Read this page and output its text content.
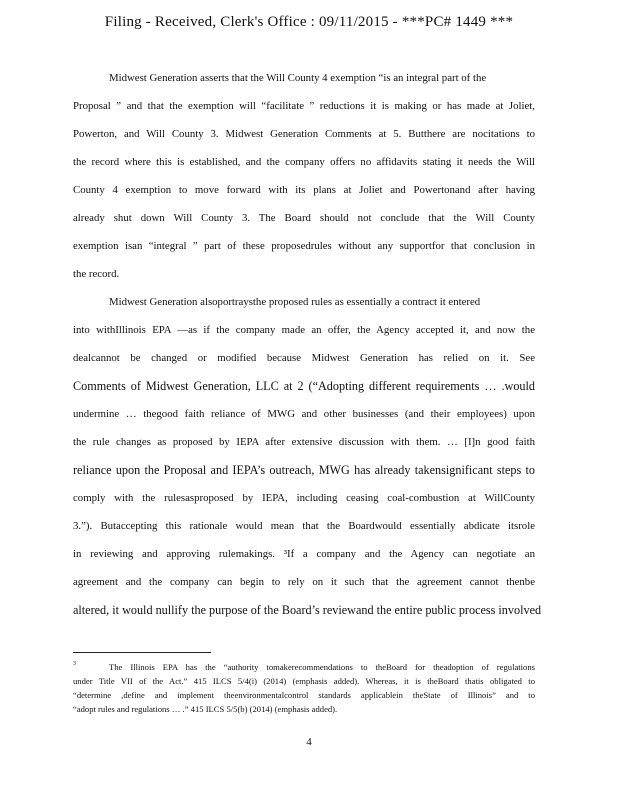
Filing - Received, Clerk's Office : 09/11/2015 - ***PC# 1449 ***
Midwest Generation asserts that the Will County 4 exemption “is an integral part of the
Proposal ” and that the exemption will “facilitate ” reductions it is making or has made at Joliet,
Powerton, and Will County 3. Midwest Generation Comments at 5. Butthere are nocitations to
the record where this is established, and the company offers no affidavits stating it needs the Will
County 4 exemption to move forward with its plans at Joliet and Powertonand after having
already shut down Will County 3. The Board should not conclude that the Will County
exemption isan “integral ” part of these proposedrules without any supportfor that conclusion in
the record.
Midwest Generation alsoportraysthe proposed rules as essentially a contract it entered
into withIllinois EPA —as if the company made an offer, the Agency accepted it, and now the
dealcannot be changed or modified because Midwest Generation has relied on it. See
Comments of Midwest Generation, LLC at 2 (“Adopting different requirements … .would
undermine … thegood faith reliance of MWG and other businesses (and their employees) upon
the rule changes as proposed by IEPA after extensive discussion with them. … [I]n good faith
reliance upon the Proposal and IEPA’s outreach, MWG has already takensignificant steps to
comply with the rulesasproposed by IEPA, including ceasing coal-combustion at WillCounty
3.”). Butaccepting this rationale would mean that the Boardwould essentially abdicate itsrole
in reviewing and approving rulemakings. ³If a company and the Agency can negotiate an
agreement and the company can begin to rely on it such that the agreement cannot thenbe
altered, it would nullify the purpose of the Board’s reviewand the entire public process involved
3	The Illinois EPA has the “authority tomakerecommendations to theBoard for theadoption of regulations
under Title VII of the Act.” 415 ILCS 5/4(i) (2014) (emphasis added). Whereas, it is theBoard thatis obligated to
“determine ,define and implement theenvironmentalcontrol standards applicablein theState of Illinois” and to
“adopt rules and regulations … .” 415 ILCS 5/5(b) (2014) (emphasis added).
4
